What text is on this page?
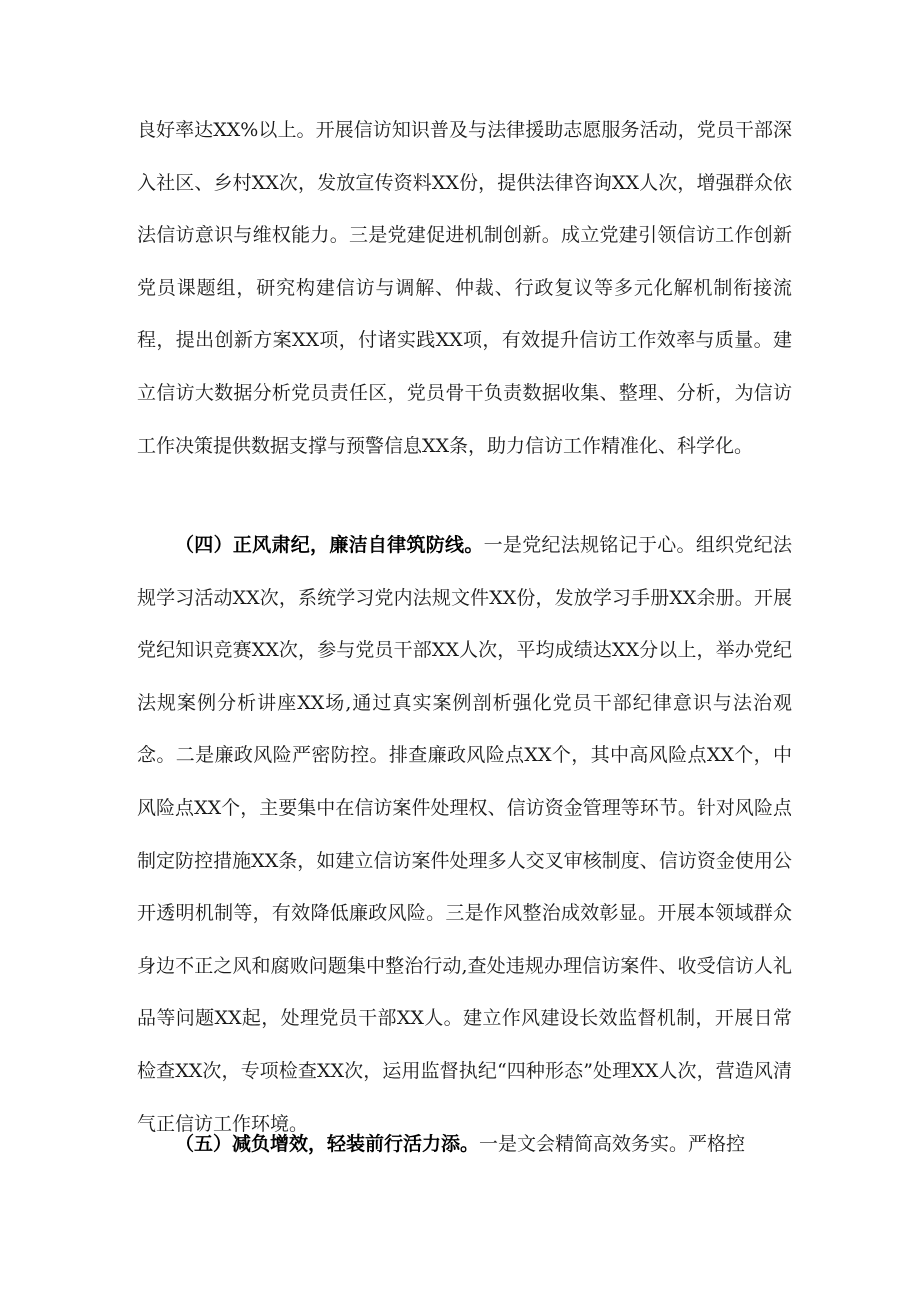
良好率达XX%以上。开展信访知识普及与法律援助志愿服务活动，党员干部深入社区、乡村XX次，发放宣传资料XX份，提供法律咨询XX人次，增强群众依法信访意识与维权能力。三是党建促进机制创新。成立党建引领信访工作创新党员课题组，研究构建信访与调解、仲裁、行政复议等多元化解机制衔接流程，提出创新方案XX项，付诸实践XX项，有效提升信访工作效率与质量。建立信访大数据分析党员责任区，党员骨干负责数据收集、整理、分析，为信访工作决策提供数据支撑与预警信息XX条，助力信访工作精准化、科学化。

（四）正风肃纪，廉洁自律筑防线。一是党纪法规铭记于心。组织党纪法规学习活动XX次，系统学习党内法规文件XX份，发放学习手册XX余册。开展党纪知识竞赛XX次，参与党员干部XX人次，平均成绩达XX分以上，举办党纪法规案例分析讲座XX场,通过真实案例剖析强化党员干部纪律意识与法治观念。二是廉政风险严密防控。排查廉政风险点XX个，其中高风险点XX个，中风险点XX个，主要集中在信访案件处理权、信访资金管理等环节。针对风险点制定防控措施XX条，如建立信访案件处理多人交叉审核制度、信访资金使用公开透明机制等，有效降低廉政风险。三是作风整治成效彰显。开展本领域群众身边不正之风和腐败问题集中整治行动,查处违规办理信访案件、收受信访人礼品等问题XX起，处理党员干部XX人。建立作风建设长效监督机制，开展日常检查XX次，专项检查XX次，运用监督执纪“四种形态”处理XX人次，营造风清气正信访工作环境。

（五）减负增效，轻装前行活力添。一是文会精简高效务实。严格控
